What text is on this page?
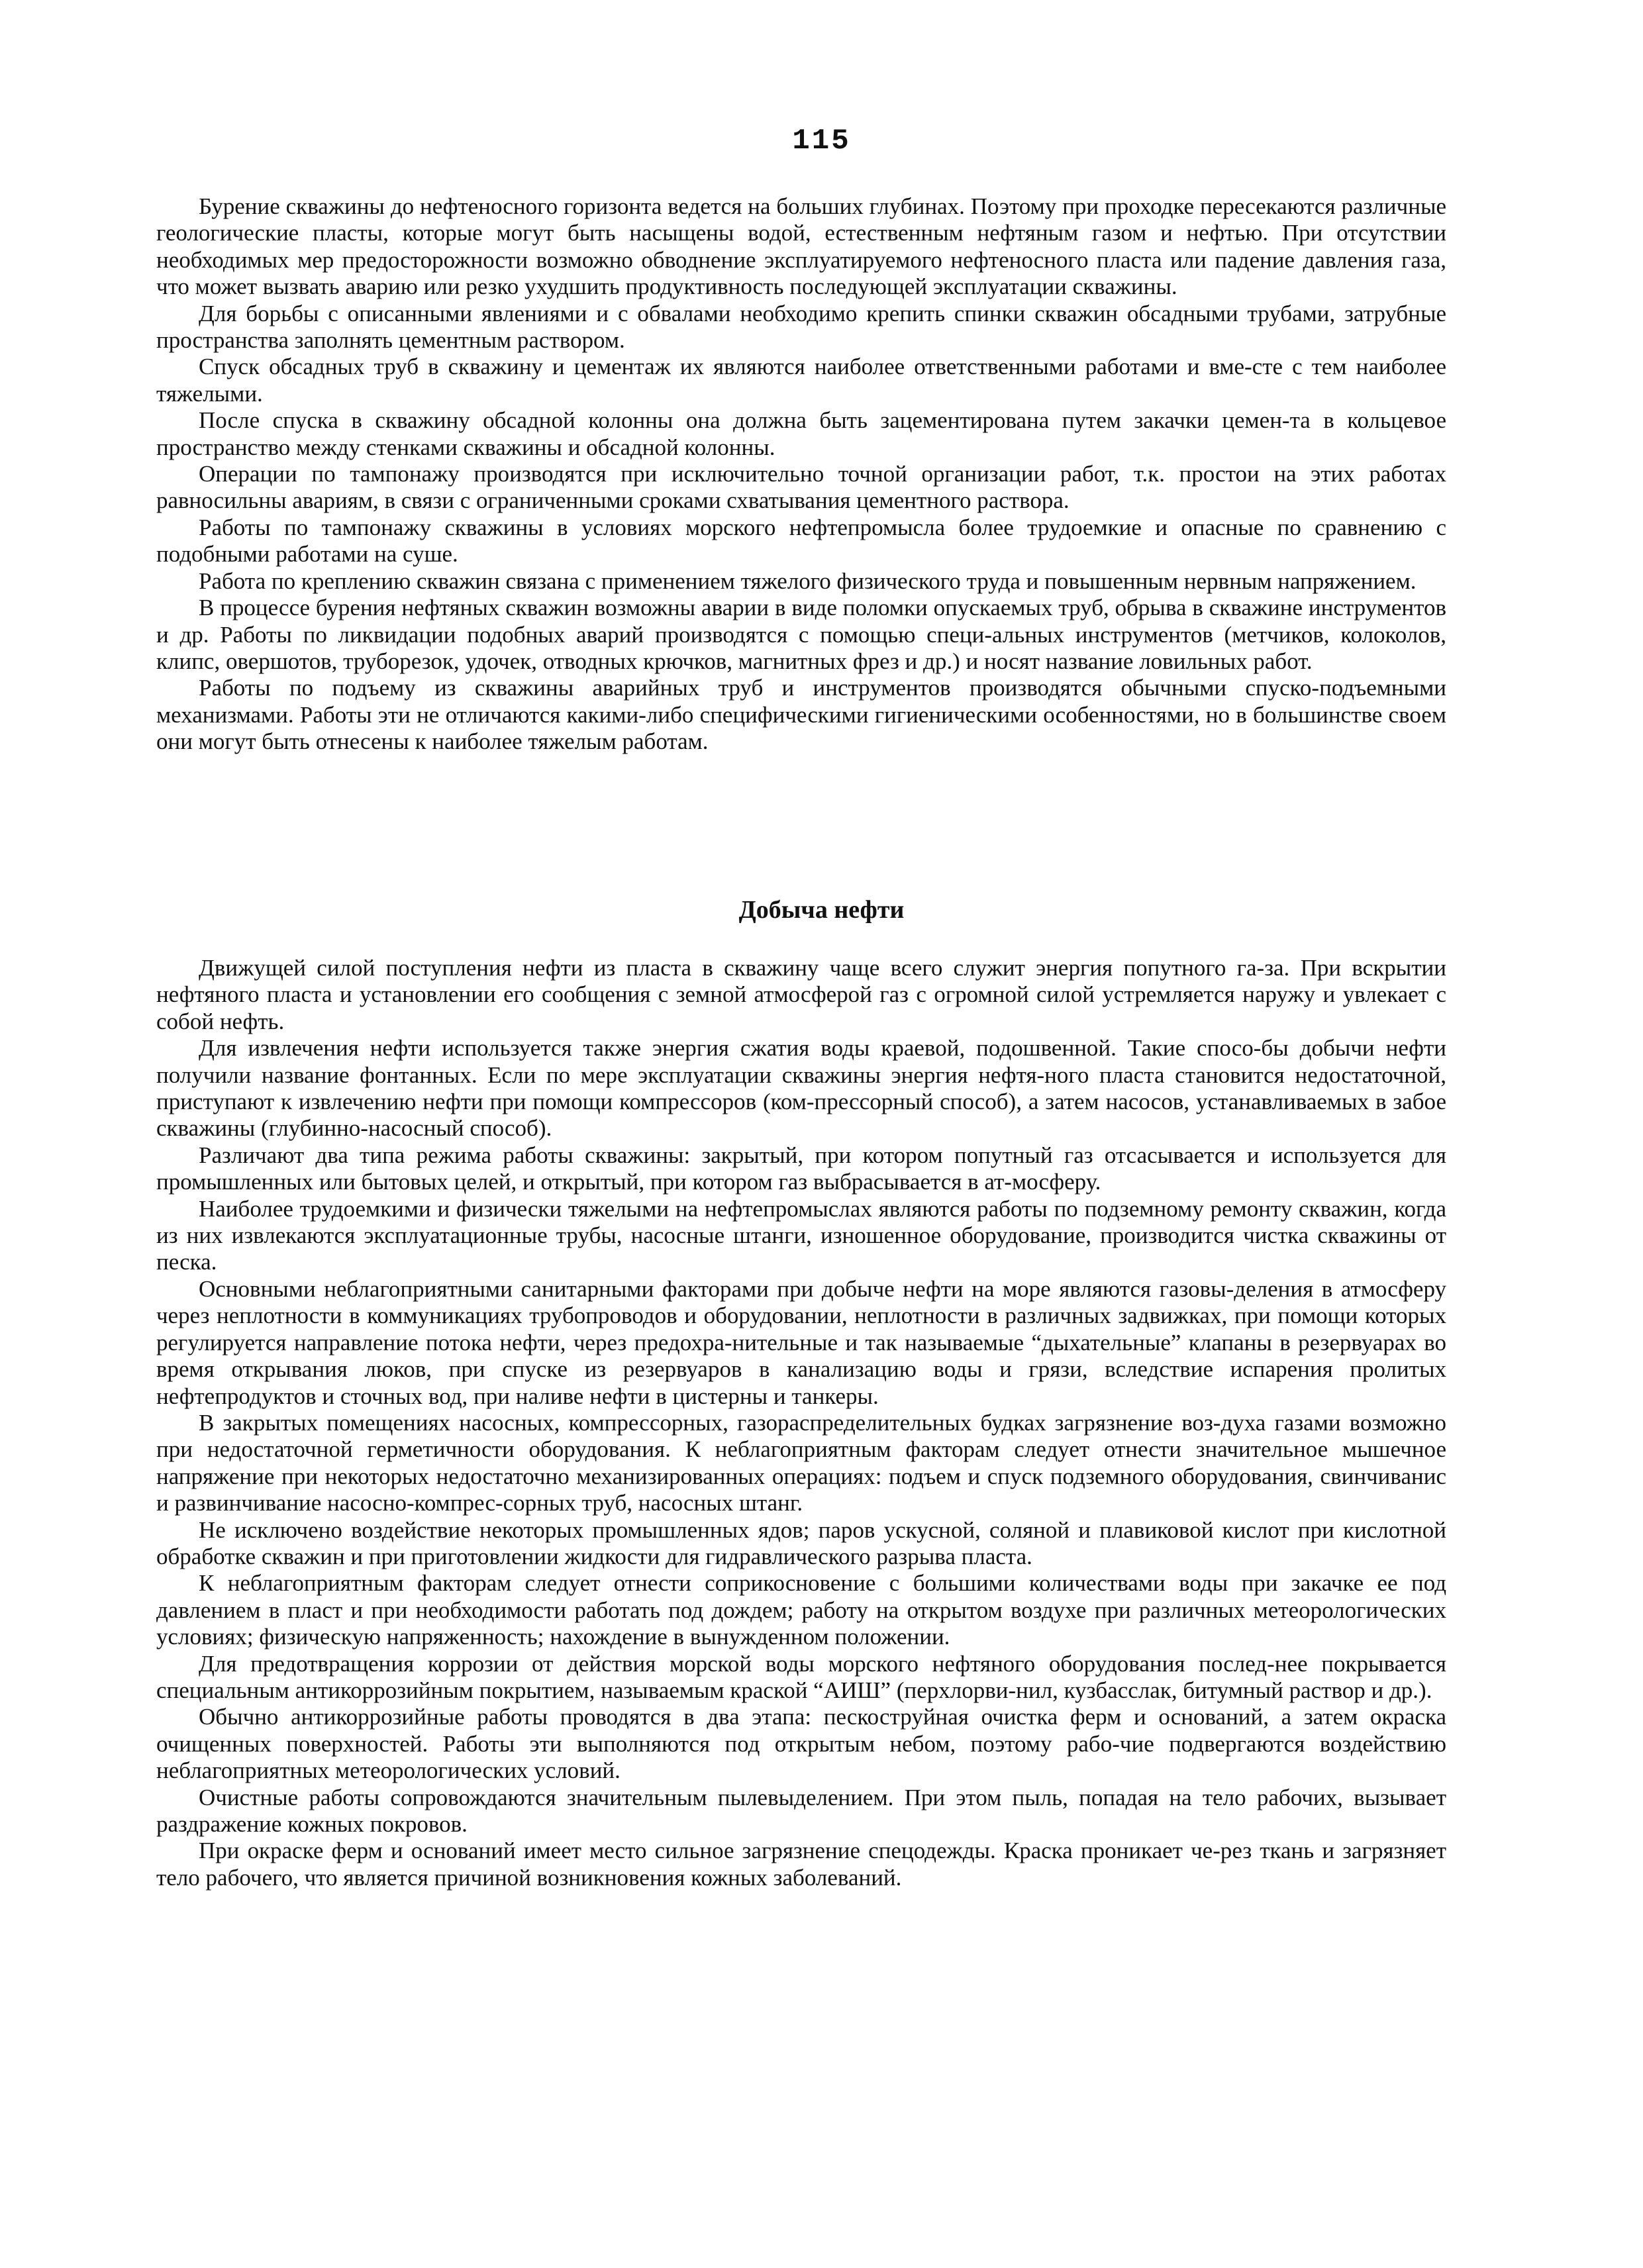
115

Бурение скважины до нефтеносного горизонта ведется на больших глубинах. Поэтому при проходке пересекаются различные геологические пласты, которые могут быть насыщены водой, естественным нефтяным газом и нефтью. При отсутствии необходимых мер предосторожности возможно обводнение эксплуатируемого нефтеносного пласта или падение давления газа, что может вызвать аварию или резко ухудшить продуктивность последующей эксплуатации скважины.

Для борьбы с описанными явлениями и с обвалами необходимо крепить спинки скважин обсадными трубами, затрубные пространства заполнять цементным раствором.

Спуск обсадных труб в скважину и цементаж их являются наиболее ответственными работами и вме-сте с тем наиболее тяжелыми.

После спуска в скважину обсадной колонны она должна быть зацементирована путем закачки цемен-та в кольцевое пространство между стенками скважины и обсадной колонны.

Операции по тампонажу производятся при исключительно точной организации работ, т.к. простои на этих работах равносильны авариям, в связи с ограниченными сроками схватывания цементного раствора.

Работы по тампонажу скважины в условиях морского нефтепромысла более трудоемкие и опасные по сравнению с подобными работами на суше.

Работа по креплению скважин связана с применением тяжелого физического труда и повышенным нервным напряжением.

В процессе бурения нефтяных скважин возможны аварии в виде поломки опускаемых труб, обрыва в скважине инструментов и др. Работы по ликвидации подобных аварий производятся с помощью специ-альных инструментов (метчиков, колоколов, клипс, овершотов, труборезок, удочек, отводных крючков, магнитных фрез и др.) и носят название ловильных работ.

Работы по подъему из скважины аварийных труб и инструментов производятся обычными спуско-подъемными механизмами. Работы эти не отличаются какими-либо специфическими гигиеническими особенностями, но в большинстве своем они могут быть отнесены к наиболее тяжелым работам.

Добыча нефти

Движущей силой поступления нефти из пласта в скважину чаще всего служит энергия попутного га-за. При вскрытии нефтяного пласта и установлении его сообщения с земной атмосферой газ с огромной силой устремляется наружу и увлекает с собой нефть.

Для извлечения нефти используется также энергия сжатия воды краевой, подошвенной. Такие спосо-бы добычи нефти получили название фонтанных. Если по мере эксплуатации скважины энергия нефтя-ного пласта становится недостаточной, приступают к извлечению нефти при помощи компрессоров (ком-прессорный способ), а затем насосов, устанавливаемых в забое скважины (глубинно-насосный способ).

Различают два типа режима работы скважины: закрытый, при котором попутный газ отсасывается и используется для промышленных или бытовых целей, и открытый, при котором газ выбрасывается в ат-мосферу.

Наиболее трудоемкими и физически тяжелыми на нефтепромыслах являются работы по подземному ремонту скважин, когда из них извлекаются эксплуатационные трубы, насосные штанги, изношенное оборудование, производится чистка скважины от песка.

Основными неблагоприятными санитарными факторами при добыче нефти на море являются газовы-деления в атмосферу через неплотности в коммуникациях трубопроводов и оборудовании, неплотности в различных задвижках, при помощи которых регулируется направление потока нефти, через предохра-нительные и так называемые “дыхательные” клапаны в резервуарах во время открывания люков, при спуске из резервуаров в канализацию воды и грязи, вследствие испарения пролитых нефтепродуктов и сточных вод, при наливе нефти в цистерны и танкеры.

В закрытых помещениях насосных, компрессорных, газораспределительных будках загрязнение воз-духа газами возможно при недостаточной герметичности оборудования. К неблагоприятным факторам следует отнести значительное мышечное напряжение при некоторых недостаточно механизированных операциях: подъем и спуск подземного оборудования, свинчиванис и развинчивание насосно-компрес-сорных труб, насосных штанг.

Не исключено воздействие некоторых промышленных ядов; паров ускусной, соляной и плавиковой кислот при кислотной обработке скважин и при приготовлении жидкости для гидравлического разрыва пласта.

К неблагоприятным факторам следует отнести соприкосновение с большими количествами воды при закачке ее под давлением в пласт и при необходимости работать под дождем; работу на открытом воздухе при различных метеорологических условиях; физическую напряженность; нахождение в вынужденном положении.

Для предотвращения коррозии от действия морской воды морского нефтяного оборудования послед-нее покрывается специальным антикоррозийным покрытием, называемым краской “АИШ” (перхлорви-нил, кузбасслак, битумный раствор и др.).

Обычно антикоррозийные работы проводятся в два этапа: пескоструйная очистка ферм и оснований, а затем окраска очищенных поверхностей. Работы эти выполняются под открытым небом, поэтому рабо-чие подвергаются воздействию неблагоприятных метеорологических условий.

Очистные работы сопровождаются значительным пылевыделением. При этом пыль, попадая на тело рабочих, вызывает раздражение кожных покровов.

При окраске ферм и оснований имеет место сильное загрязнение спецодежды. Краска проникает че-рез ткань и загрязняет тело рабочего, что является причиной возникновения кожных заболеваний.
